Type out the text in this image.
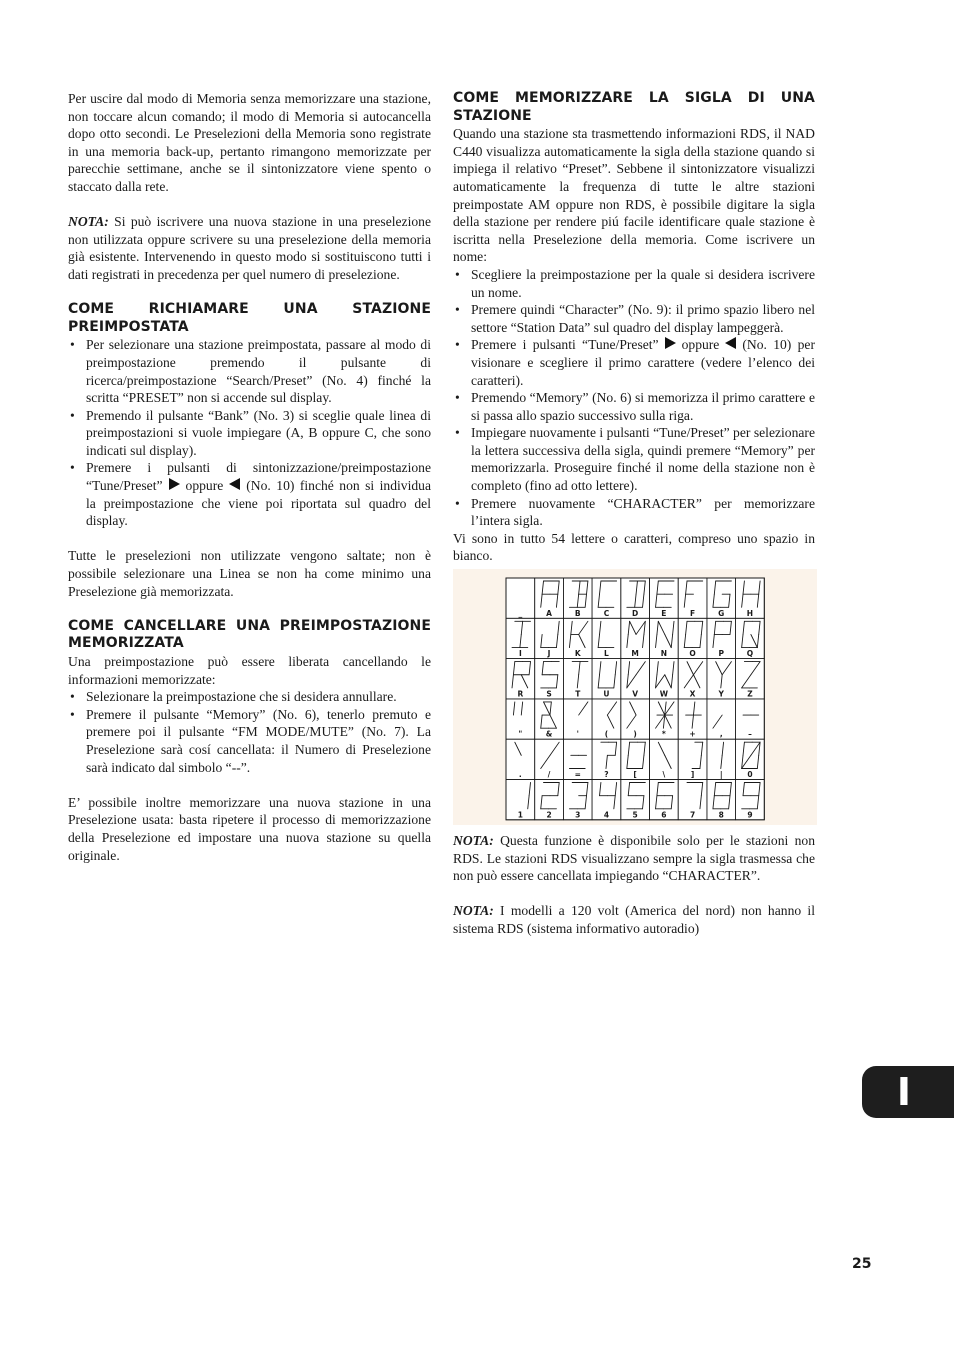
Per uscire dal modo di Memoria senza memorizzare una stazione, non toccare alcun comando; il modo di Memoria si autocancella dopo otto secondi. Le Preselezioni della Memoria sono registrate in una memoria back-up, pertanto rimangono memorizzate per parecchie settimane, anche se il sintonizzatore viene spento o staccato dalla rete.

NOTA: Si può iscrivere una nuova stazione in una preselezione non utilizzata oppure scrivere su una preselezione della memoria già esistente. Intervenendo in questo modo si sostituiscono tutti i dati registrati in precedenza per quel numero di preselezione.

COME RICHIAMARE UNA STAZIONE PREIMPOSTATA
• Per selezionare una stazione preimpostata, passare al modo di preimpostazione premendo il pulsante di ricerca/preimpostazione “Search/Preset” (No. 4) finché la scritta “PRESET” non si accende sul display.
• Premendo il pulsante “Bank” (No. 3) si sceglie quale linea di preimpostazioni si vuole impiegare (A, B oppure C, che sono indicati sul display).
• Premere i pulsanti di sintonizzazione/preimpostazione “Tune/Preset” oppure (No. 10) finché non si individua la preimpostazione che viene poi riportata sul quadro del display.

Tutte le preselezioni non utilizzate vengono saltate; non è possibile selezionare una Linea se non ha come minimo una Preselezione già memorizzata.

COME CANCELLARE UNA PREIMPOSTAZIONE MEMORIZZATA

Una preimpostazione può essere liberata cancellando le informazioni memorizzate:

• Selezionare la preimpostazione che si desidera annullare.
• Premere il pulsante “Memory” (No. 6), tenerlo premuto e premere poi il pulsante “FM MODE/MUTE” (No. 7). La Preselezione sarà cosí cancellata: il Numero di Preselezione sarà indicato dal simbolo “--”.

E’ possibile inoltre memorizzare una nuova stazione in una Preselezione usata: basta ripetere il processo di memorizzazione della Preselezione ed impostare una nuova stazione su quella originale.

COME MEMORIZZARE LA SIGLA DI UNA STAZIONE

Quando una stazione sta trasmettendo informazioni RDS, il NAD C440 visualizza automaticamente la sigla della stazione quando si impiega il relativo “Preset”. Sebbene il sintonizzatore visualizzi automaticamente la frequenza di tutte le altre stazioni preimpostate AM oppure non RDS, è possibile digitare la sigla della stazione per rendere piú facile identificare quale stazione è iscritta nella Preselezione della memoria. Come iscrivere un nome:

• Scegliere la preimpostazione per la quale si desidera iscrivere un nome.
• Premere quindi “Character” (No. 9): il primo spazio libero nel settore “Station Data” sul quadro del display lampeggerà.
• Premere i pulsanti “Tune/Preset” oppure (No. 10) per visionare e scegliere il primo carattere (vedere l’elenco dei caratteri).
• Premendo “Memory” (No. 6) si memorizza il primo carattere e si passa allo spazio successivo sulla riga.
• Impiegare nuovamente i pulsanti “Tune/Preset” per selezionare la lettera successiva della sigla, quindi premere “Memory” per memorizzarla. Proseguire finché il nome della stazione non è completo (fino ad otto lettere).
• Premere nuovamente “CHARACTER” per memorizzare l’intera sigla.

Vi sono in tutto 54 lettere o caratteri, compreso uno spazio in bianco.

_	A	B	C	D	E	F	G	H
I	J	K	L	M	N	O	P	Q
R	S	T	U	V	W	X	Y	Z
"	&	'	(	)	*	+	,	–
.	/	=	?	[	\	]	|	0
1	2	3	4	5	6	7	8	9

NOTA: Questa funzione è disponibile solo per le stazioni non RDS. Le stazioni RDS visualizzano sempre la sigla trasmessa che non può essere cancellata impiegando “CHARACTER”.

NOTA: I modelli a 120 volt (America del nord) non hanno il sistema RDS (sistema informativo autoradio)

I
25
